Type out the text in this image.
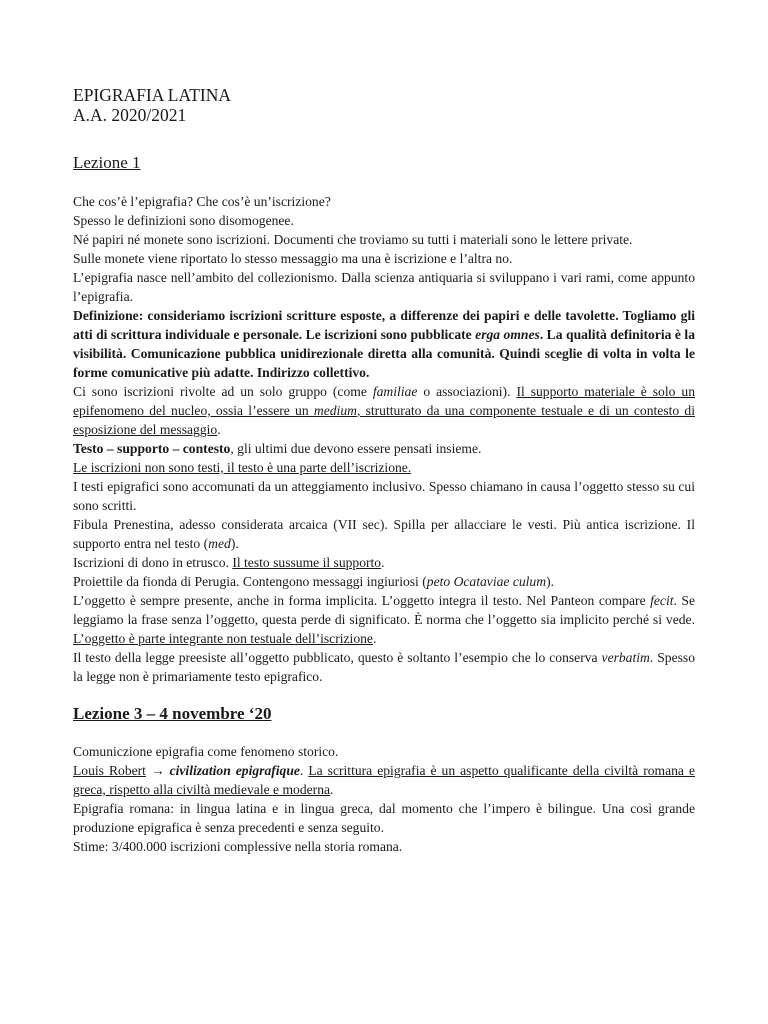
EPIGRAFIA LATINA

A.A. 2020/2021

Lezione 1

Che cos’è l’epigrafia? Che cos’è un’iscrizione?

Spesso le definizioni sono disomogenee.

Né papiri né monete sono iscrizioni. Documenti che troviamo su tutti i materiali sono le lettere private.

Sulle monete viene riportato lo stesso messaggio ma una è iscrizione e l’altra no.

L’epigrafia nasce nell’ambito del collezionismo. Dalla scienza antiquaria si sviluppano i vari rami, come appunto l’epigrafia.

Definizione: consideriamo iscrizioni scritture esposte, a differenze dei papiri e delle tavolette. Togliamo gli atti di scrittura individuale e personale. Le iscrizioni sono pubblicate erga omnes. La qualità definitoria è la visibilità. Comunicazione pubblica unidirezionale diretta alla comunità. Quindi sceglie di volta in volta le forme comunicative più adatte. Indirizzo collettivo.

Ci sono iscrizioni rivolte ad un solo gruppo (come familiae o associazioni). Il supporto materiale è solo un epifenomeno del nucleo, ossia l’essere un medium, strutturato da una componente testuale e di un contesto di esposizione del messaggio.

Testo – supporto – contesto, gli ultimi due devono essere pensati insieme.

Le iscrizioni non sono testi, il testo è una parte dell’iscrizione.

I testi epigrafici sono accomunati da un atteggiamento inclusivo. Spesso chiamano in causa l’oggetto stesso su cui sono scritti.

Fibula Prenestina, adesso considerata arcaica (VII sec). Spilla per allacciare le vesti. Più antica iscrizione. Il supporto entra nel testo (med).

Iscrizioni di dono in etrusco. Il testo sussume il supporto.

Proiettile da fionda di Perugia. Contengono messaggi ingiuriosi (peto Ocataviae culum).

L’oggetto è sempre presente, anche in forma implicita. L’oggetto integra il testo. Nel Panteon compare fecit. Se leggiamo la frase senza l’oggetto, questa perde di significato. È norma che l’oggetto sia implicito perché si vede. L’oggetto è parte integrante non testuale dell’iscrizione.

Il testo della legge preesiste all’oggetto pubblicato, questo è soltanto l’esempio che lo conserva verbatim. Spesso la legge non è primariamente testo epigrafico.

Lezione 3 – 4 novembre ‘20

Comuniczione epigrafia come fenomeno storico.

Louis Robert → civilization epigrafique. La scrittura epigrafia è un aspetto qualificante della civiltà romana e greca, rispetto alla civiltà medievale e moderna.

Epigrafia romana: in lingua latina e in lingua greca, dal momento che l’impero è bilingue. Una così grande produzione epigrafica è senza precedenti e senza seguito.

Stime: 3/400.000 iscrizioni complessive nella storia romana.
